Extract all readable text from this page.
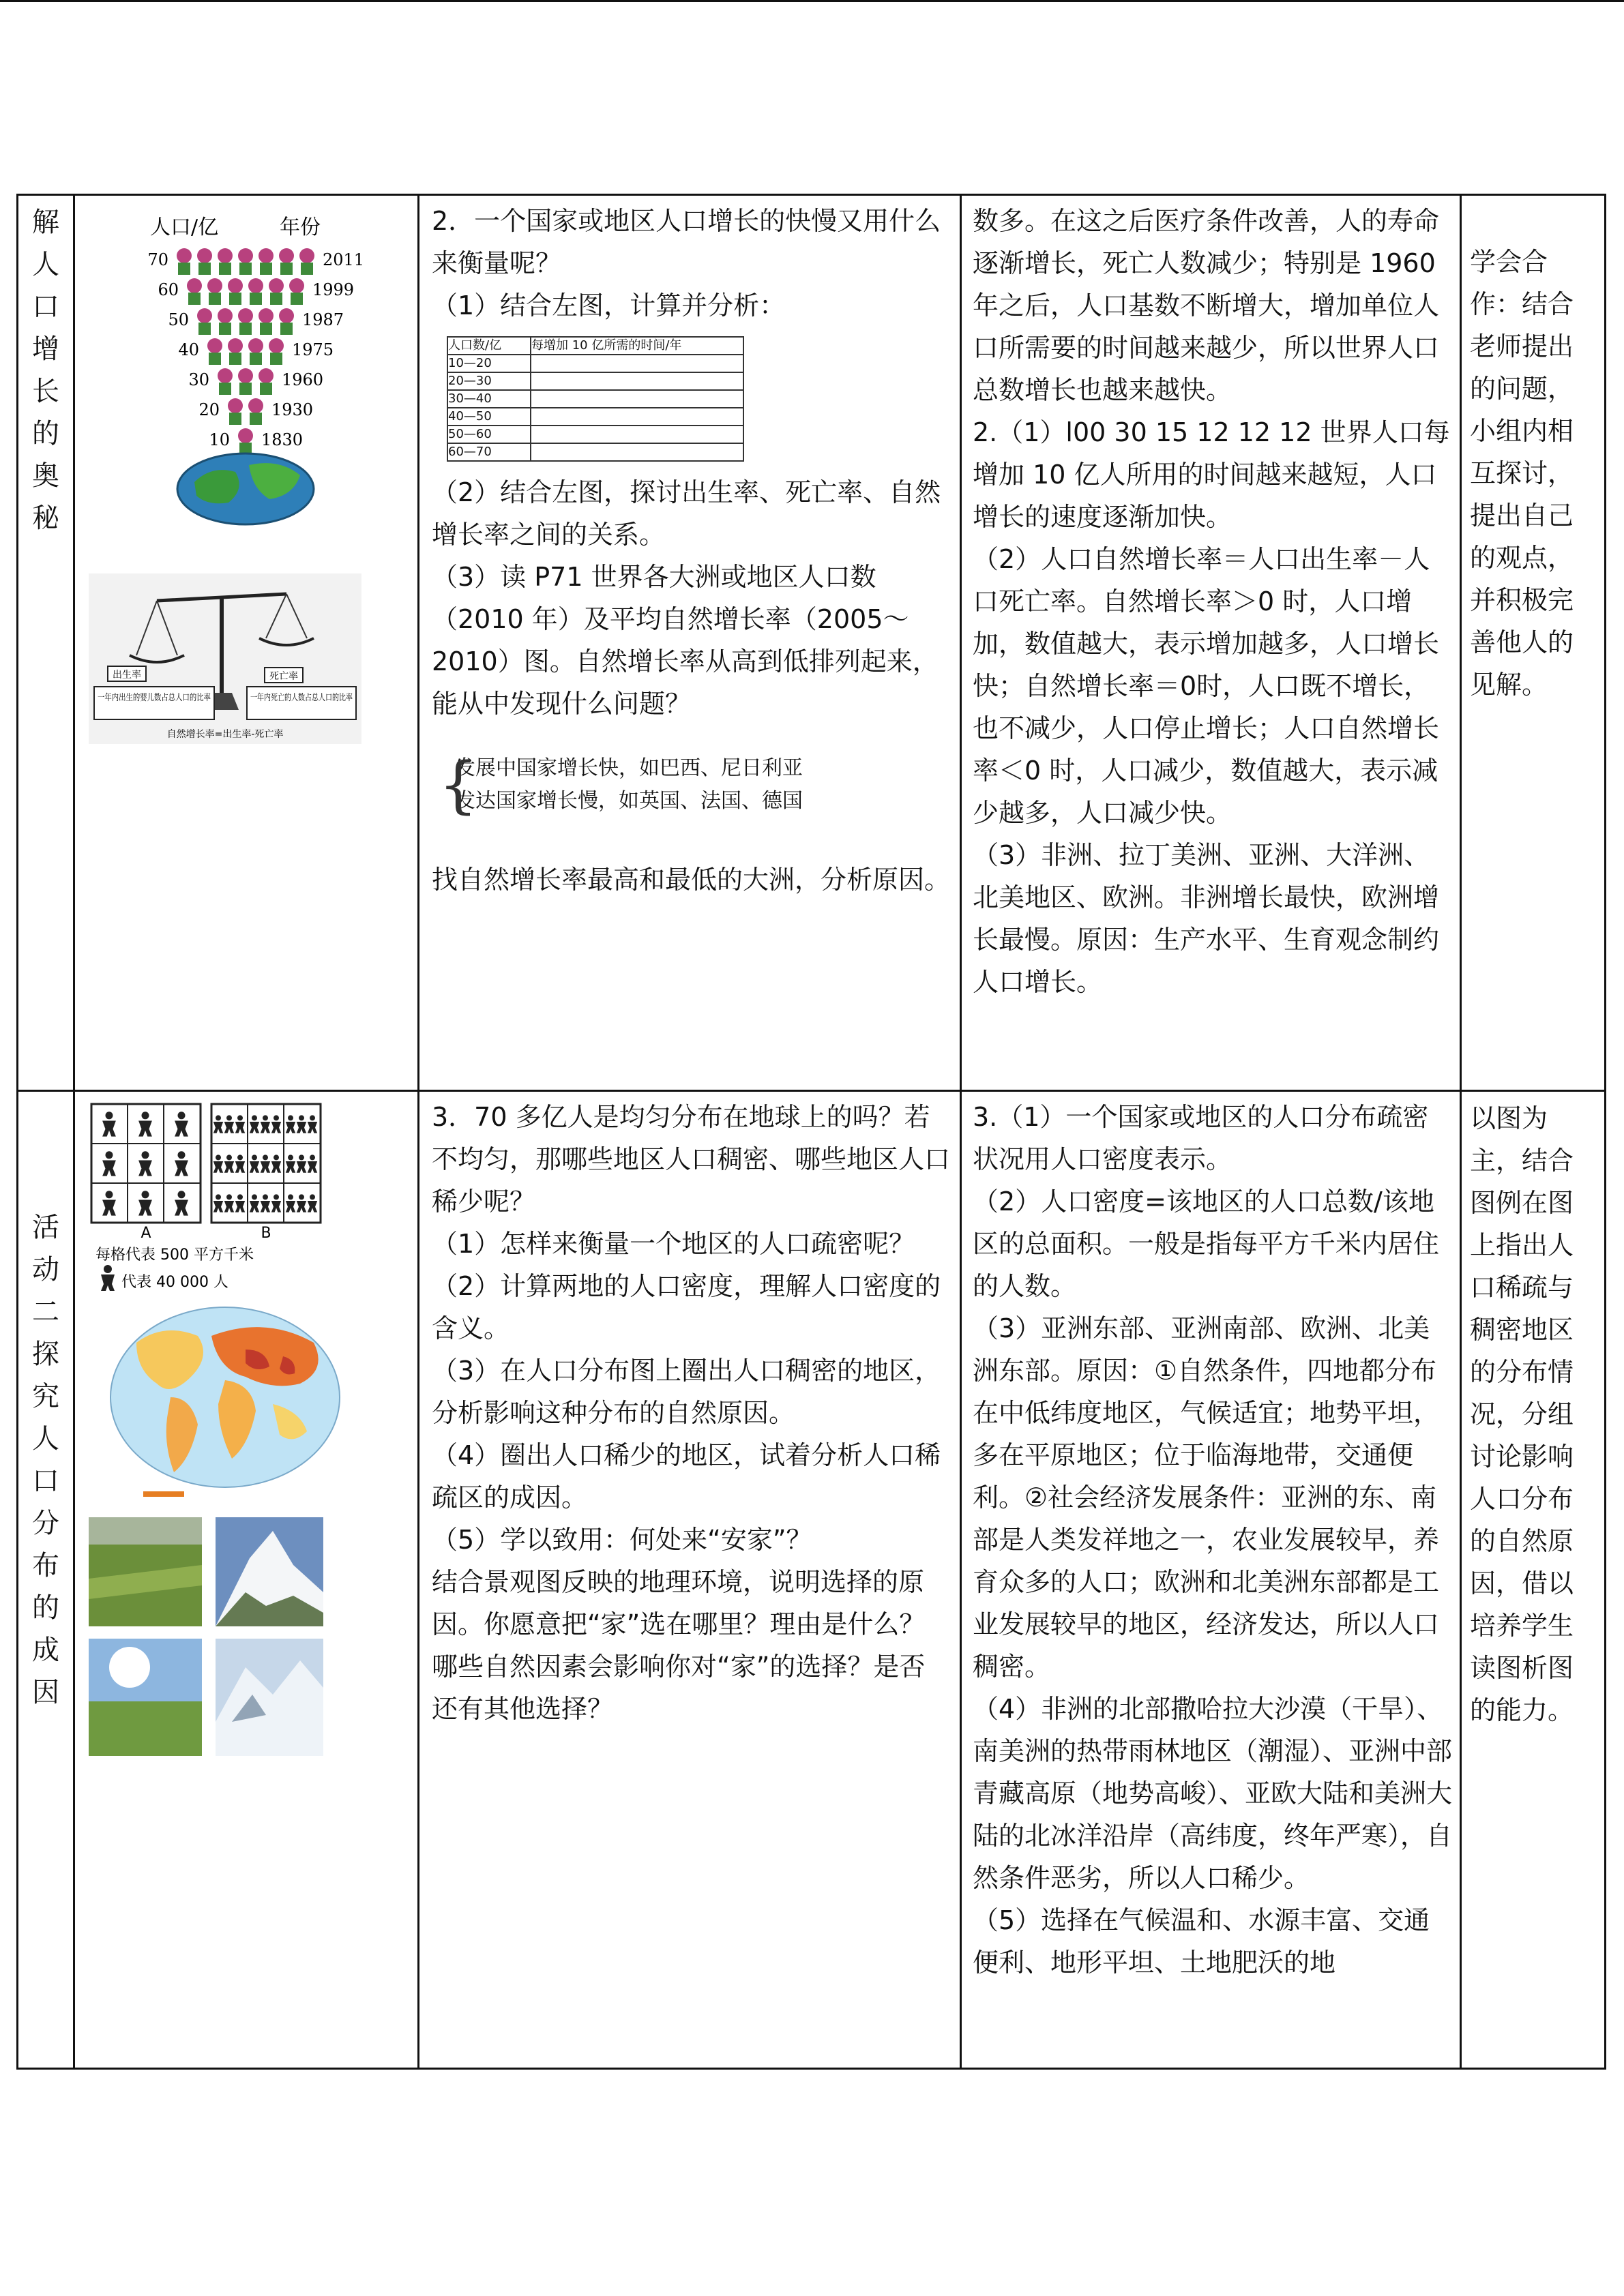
解人口增长的奥秘

人口/亿	年份
70	2011
60	1999
50	1987
40	1975
30	1960
20	1930
10 1830

出生率	死亡率
一年内出生的婴儿数占总人口的比率 一年内死亡的人数占总人口的比率
自然增长率=出生率-死亡率

2．一个国家或地区人口增长的快慢又用什么来衡量呢？

（1）结合左图，计算并分析：

人口数/亿	每增加 10 亿所需的时间/年
10—20	
20—30	
30—40	
40—50	
50—60	
60—70	

（2）结合左图，探讨出生率、死亡率、自然增长率之间的关系。

（3）读 P71 世界各大洲或地区人口数（2010 年）及平均自然增长率（2005～2010）图。自然增长率从高到低排列起来，能从中发现什么问题？

{
发展中国家增长快，如巴西、尼日利亚
发达国家增长慢，如英国、法国、德国

找自然增长率最高和最低的大洲，分析原因。

数多。在这之后医疗条件改善，人的寿命逐渐增长，死亡人数减少；特别是 1960 年之后，人口基数不断增大，增加单位人口所需要的时间越来越少，所以世界人口总数增长也越来越快。

2.（1）l00 30 15 12 12 12 世界人口每增加 10 亿人所用的时间越来越短，人口增长的速度逐渐加快。

（2）人口自然增长率＝人口出生率－人口死亡率。自然增长率＞0 时，人口增加，数值越大，表示增加越多，人口增长快；自然增长率＝0时，人口既不增长，也不减少，人口停止增长；人口自然增长率＜0 时，人口减少，数值越大，表示减少越多，人口减少快。

（3）非洲、拉丁美洲、亚洲、大洋洲、北美地区、欧洲。非洲增长最快，欧洲增长最慢。原因：生产水平、生育观念制约人口增长。

学会合作：结合老师提出的问题，小组内相互探讨，提出自己的观点，并积极完善他人的见解。

活动二探究人口分布的成因

A	B
每格代表 500 平方千米
代表 40 000 人

3．70 多亿人是均匀分布在地球上的吗？若不均匀，那哪些地区人口稠密、哪些地区人口稀少呢？

（1）怎样来衡量一个地区的人口疏密呢？

（2）计算两地的人口密度，理解人口密度的含义。

（3）在人口分布图上圈出人口稠密的地区，分析影响这种分布的自然原因。

（4）圈出人口稀少的地区，试着分析人口稀疏区的成因。

（5）学以致用：何处来“安家”？

结合景观图反映的地理环境，说明选择的原因。你愿意把“家”选在哪里？理由是什么？哪些自然因素会影响你对“家”的选择？是否还有其他选择？

3.（1）一个国家或地区的人口分布疏密状况用人口密度表示。

（2）人口密度=该地区的人口总数/该地区的总面积。一般是指每平方千米内居住的人数。

（3）亚洲东部、亚洲南部、欧洲、北美洲东部。原因：①自然条件，四地都分布在中低纬度地区，气候适宜；地势平坦，多在平原地区；位于临海地带，交通便利。②社会经济发展条件：亚洲的东、南部是人类发祥地之一，农业发展较早，养育众多的人口；欧洲和北美洲东部都是工业发展较早的地区，经济发达，所以人口稠密。

（4）非洲的北部撒哈拉大沙漠（干旱）、南美洲的热带雨林地区（潮湿）、亚洲中部青藏高原（地势高峻）、亚欧大陆和美洲大陆的北冰洋沿岸（高纬度，终年严寒），自然条件恶劣，所以人口稀少。

（5）选择在气候温和、水源丰富、交通便利、地形平坦、土地肥沃的地

以图为主，结合图例在图上指出人口稀疏与稠密地区的分布情况，分组讨论影响人口分布的自然原因，借以培养学生读图析图的能力。
